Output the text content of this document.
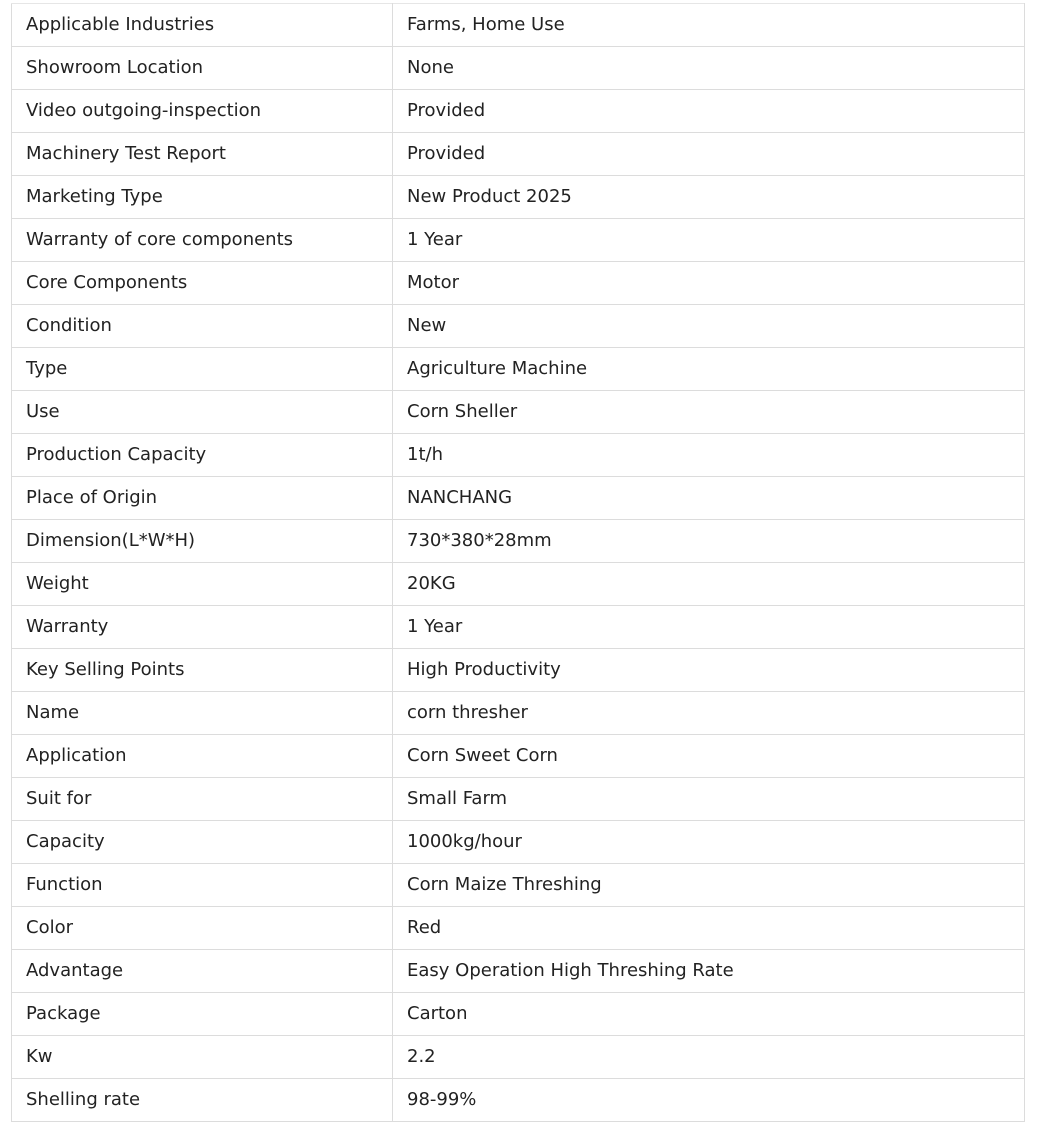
Applicable Industries	Farms, Home Use
Showroom Location	None
Video outgoing-inspection	Provided
Machinery Test Report	Provided
Marketing Type	New Product 2025
Warranty of core components	1 Year
Core Components	Motor
Condition	New
Type	Agriculture Machine
Use	Corn Sheller
Production Capacity	1t/h
Place of Origin	NANCHANG
Dimension(L*W*H)	730*380*28mm
Weight	20KG
Warranty	1 Year
Key Selling Points	High Productivity
Name	corn thresher
Application	Corn Sweet Corn
Suit for	Small Farm
Capacity	1000kg/hour
Function	Corn Maize Threshing
Color	Red
Advantage	Easy Operation High Threshing Rate
Package	Carton
Kw	2.2
Shelling rate	98-99%
